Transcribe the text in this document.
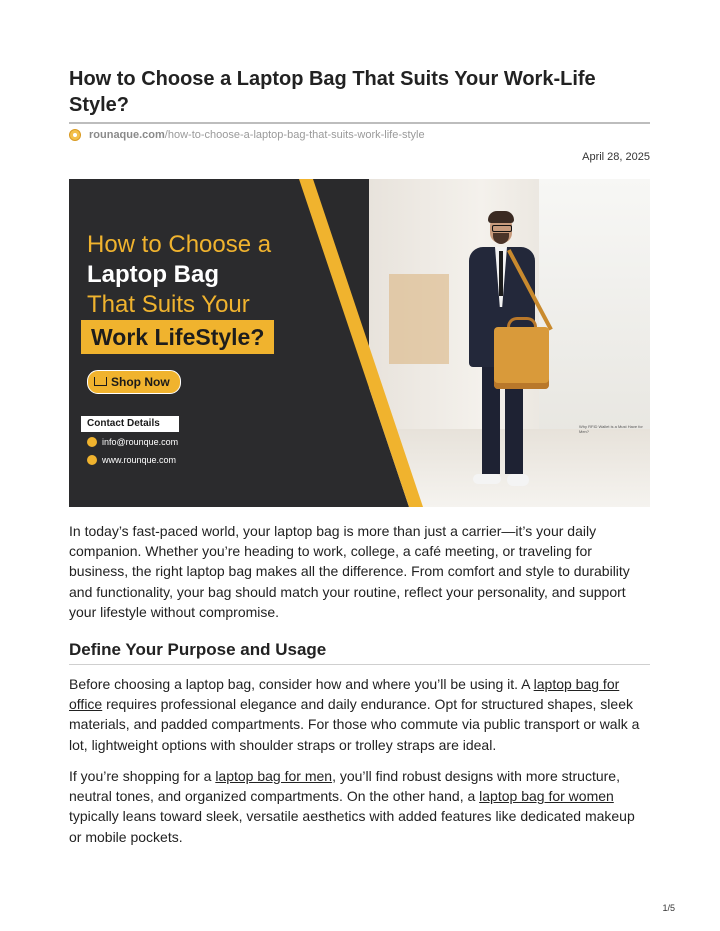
How to Choose a Laptop Bag That Suits Your Work-Life Style?
rounaque.com/how-to-choose-a-laptop-bag-that-suits-work-life-style
April 28, 2025
How to Choose a
Laptop Bag
That Suits Your
Work LifeStyle?
Shop Now
Contact Details
info@rounque.com
www.rounque.com
Why RFID Wallet is a Must Have for Men?

In today’s fast-paced world, your laptop bag is more than just a carrier—it’s your daily companion. Whether you’re heading to work, college, a café meeting, or traveling for business, the right laptop bag makes all the difference. From comfort and style to durability and functionality, your bag should match your routine, reflect your personality, and support your lifestyle without compromise.

Define Your Purpose and Usage

Before choosing a laptop bag, consider how and where you’ll be using it. A laptop bag for office requires professional elegance and daily endurance. Opt for structured shapes, sleek materials, and padded compartments. For those who commute via public transport or walk a lot, lightweight options with shoulder straps or trolley straps are ideal.

If you’re shopping for a laptop bag for men, you’ll find robust designs with more structure, neutral tones, and organized compartments. On the other hand, a laptop bag for women typically leans toward sleek, versatile aesthetics with added features like dedicated makeup or mobile pockets.

1/5
